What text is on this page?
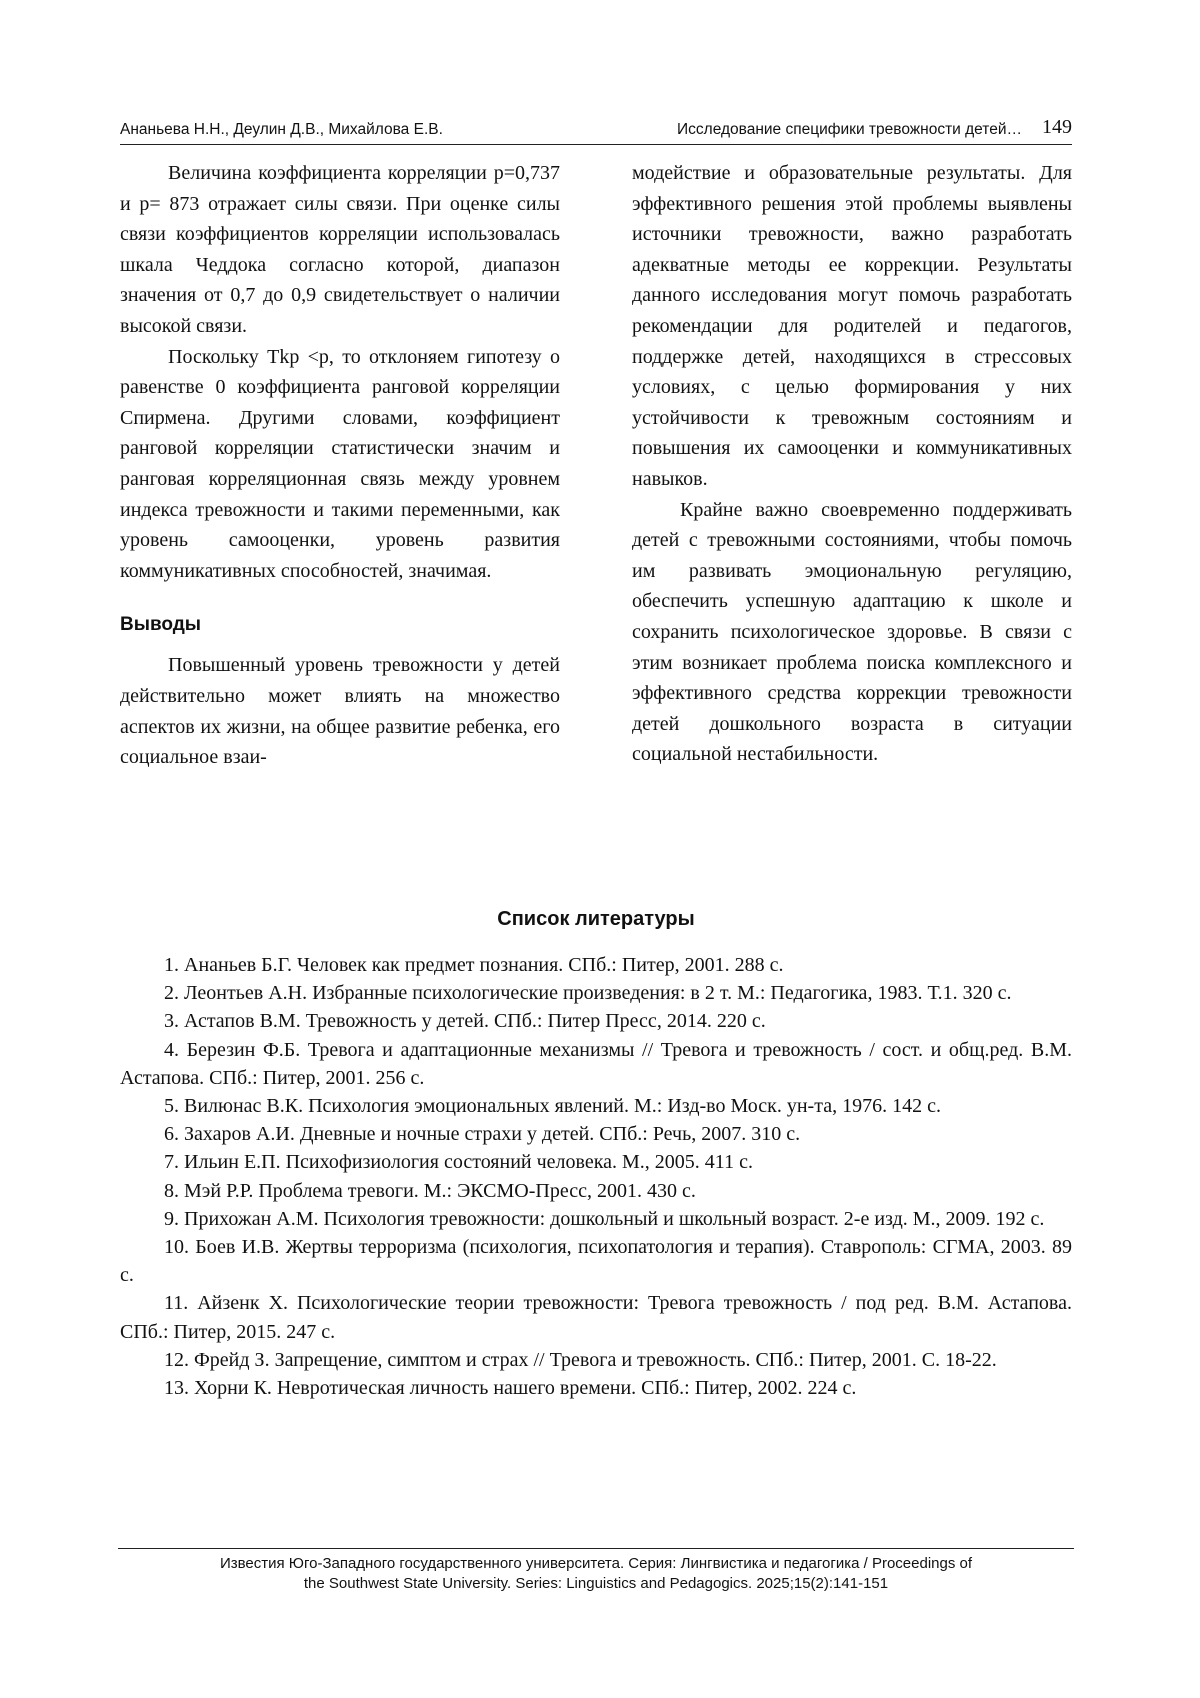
Ананьева Н.Н., Деулин Д.В., Михайлова Е.В.	Исследование специфики тревожности детей… 149

Величина коэффициента корреляции p=0,737 и p= 873 отражает силы связи. При оценке силы связи коэффициентов корреляции использовалась шкала Чеддока согласно которой, диапазон значения от 0,7 до 0,9 свидетельствует о наличии высокой связи.

Поскольку Tkp <p, то отклоняем гипотезу о равенстве 0 коэффициента ранговой корреляции Спирмена. Другими словами, коэффициент ранговой корреляции статистически значим и ранговая корреляционная связь между уровнем индекса тревожности и такими переменными, как уровень самооценки, уровень развития коммуникативных способностей, значимая.

Выводы

Повышенный уровень тревожности у детей действительно может влиять на множество аспектов их жизни, на общее развитие ребенка, его социальное взаи-

модействие и образовательные результаты. Для эффективного решения этой проблемы выявлены источники тревожности, важно разработать адекватные методы ее коррекции. Результаты данного исследования могут помочь разработать рекомендации для родителей и педагогов, поддержке детей, находящихся в стрессовых условиях, с целью формирования у них устойчивости к тревожным состояниям и повышения их самооценки и коммуникативных навыков.

Крайне важно своевременно поддерживать детей с тревожными состояниями, чтобы помочь им развивать эмоциональную регуляцию, обеспечить успешную адаптацию к школе и сохранить психологическое здоровье. В связи с этим возникает проблема поиска комплексного и эффективного средства коррекции тревожности детей дошкольного возраста в ситуации социальной нестабильности.

Список литературы
1. Ананьев Б.Г. Человек как предмет познания. СПб.: Питер, 2001. 288 с.
2. Леонтьев А.Н. Избранные психологические произведения: в 2 т. М.: Педагогика, 1983. Т.1. 320 с.
3. Астапов В.М. Тревожность у детей. СПб.: Питер Пресс, 2014. 220 с.
4. Березин Ф.Б. Тревога и адаптационные механизмы // Тревога и тревожность / сост. и общ.ред. В.М. Астапова. СПб.: Питер, 2001. 256 с.
5. Вилюнас В.К. Психология эмоциональных явлений. М.: Изд-во Моск. ун-та, 1976. 142 с.
6. Захаров А.И. Дневные и ночные страхи у детей. СПб.: Речь, 2007. 310 с.
7. Ильин Е.П. Психофизиология состояний человека. М., 2005. 411 с.
8. Мэй Р.Р. Проблема тревоги. М.: ЭКСМО-Пресс, 2001. 430 с.
9. Прихожан А.М. Психология тревожности: дошкольный и школьный возраст. 2-е изд. М., 2009. 192 с.
10. Боев И.В. Жертвы терроризма (психология, психопатология и терапия). Ставрополь: СГМА, 2003. 89 с.
11. Айзенк Х. Психологические теории тревожности: Тревога тревожность / под ред. В.М. Астапова. СПб.: Питер, 2015. 247 с.
12. Фрейд З. Запрещение, симптом и страх // Тревога и тревожность. СПб.: Питер, 2001. С. 18-22.
13. Хорни К. Невротическая личность нашего времени. СПб.: Питер, 2002. 224 с.
Известия Юго-Западного государственного университета. Серия: Лингвистика и педагогика / Proceedings of
the Southwest State University. Series: Linguistics and Pedagogics. 2025;15(2):141-151
